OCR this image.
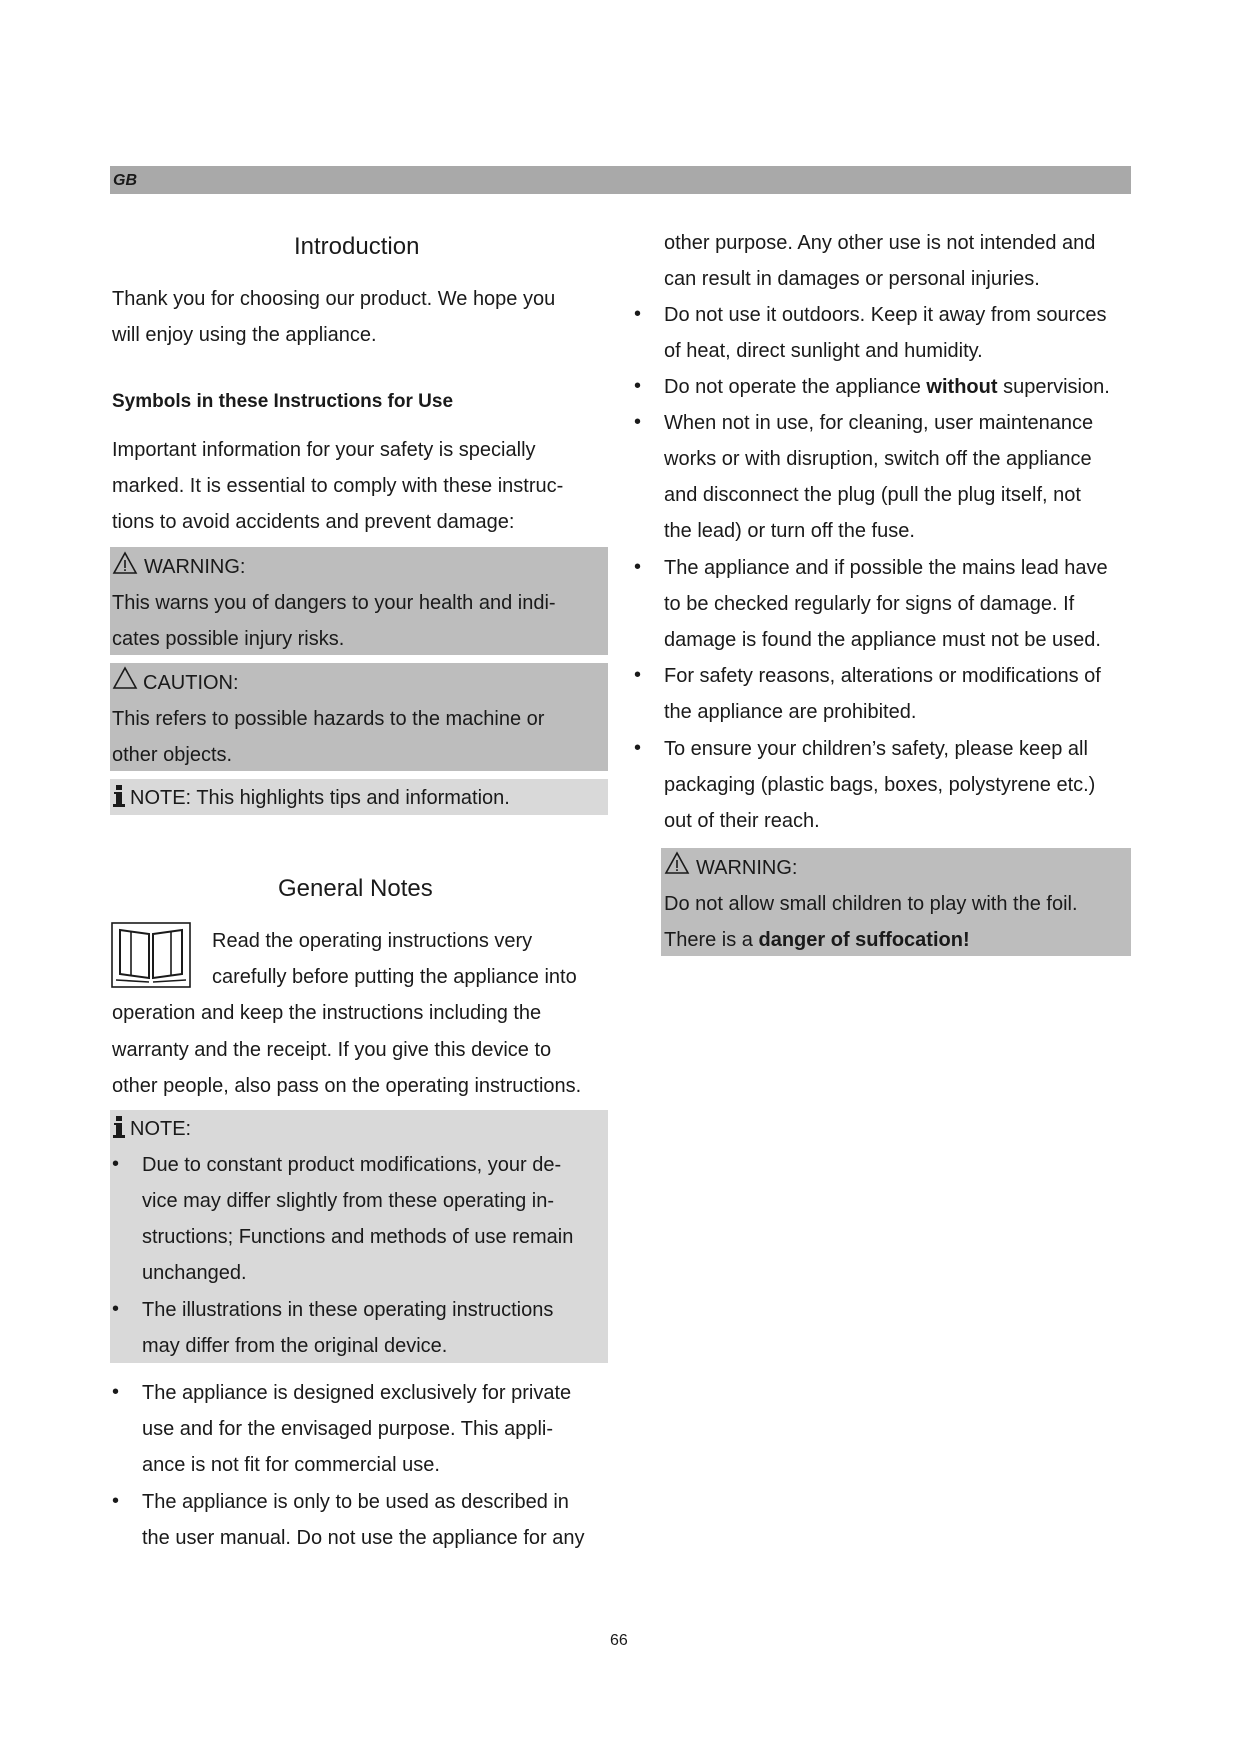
GB
Introduction
Thank you for choosing our product. We hope you
will enjoy using the appliance.
Symbols in these Instructions for Use
Important information for your safety is specially
marked. It is essential to comply with these instruc-
tions to avoid accidents and prevent damage:
WARNING:
This warns you of dangers to your health and indi-
cates possible injury risks.
CAUTION:
This refers to possible hazards to the machine or
other objects.
NOTE: This highlights tips and information.
General Notes
Read the operating instructions very
carefully before putting the appliance into
operation and keep the instructions including the
warranty and the receipt. If you give this device to
other people, also pass on the operating instructions.
NOTE:
• Due to constant product modifications, your de-
vice may differ slightly from these operating in-
structions; Functions and methods of use remain
unchanged.
• The illustrations in these operating instructions
may differ from the original device.
• The appliance is designed exclusively for private
use and for the envisaged purpose. This appli-
ance is not fit for commercial use.
• The appliance is only to be used as described in
the user manual. Do not use the appliance for any
other purpose. Any other use is not intended and
can result in damages or personal injuries.
• Do not use it outdoors. Keep it away from sources
of heat, direct sunlight and humidity.
• Do not operate the appliance without supervision.
• When not in use, for cleaning, user maintenance
works or with disruption, switch off the appliance
and disconnect the plug (pull the plug itself, not
the lead) or turn off the fuse.
• The appliance and if possible the mains lead have
to be checked regularly for signs of damage. If
damage is found the appliance must not be used.
• For safety reasons, alterations or modifications of
the appliance are prohibited.
• To ensure your children’s safety, please keep all
packaging (plastic bags, boxes, polystyrene etc.)
out of their reach.
WARNING:
Do not allow small children to play with the foil.
There is a danger of suffocation!
66
